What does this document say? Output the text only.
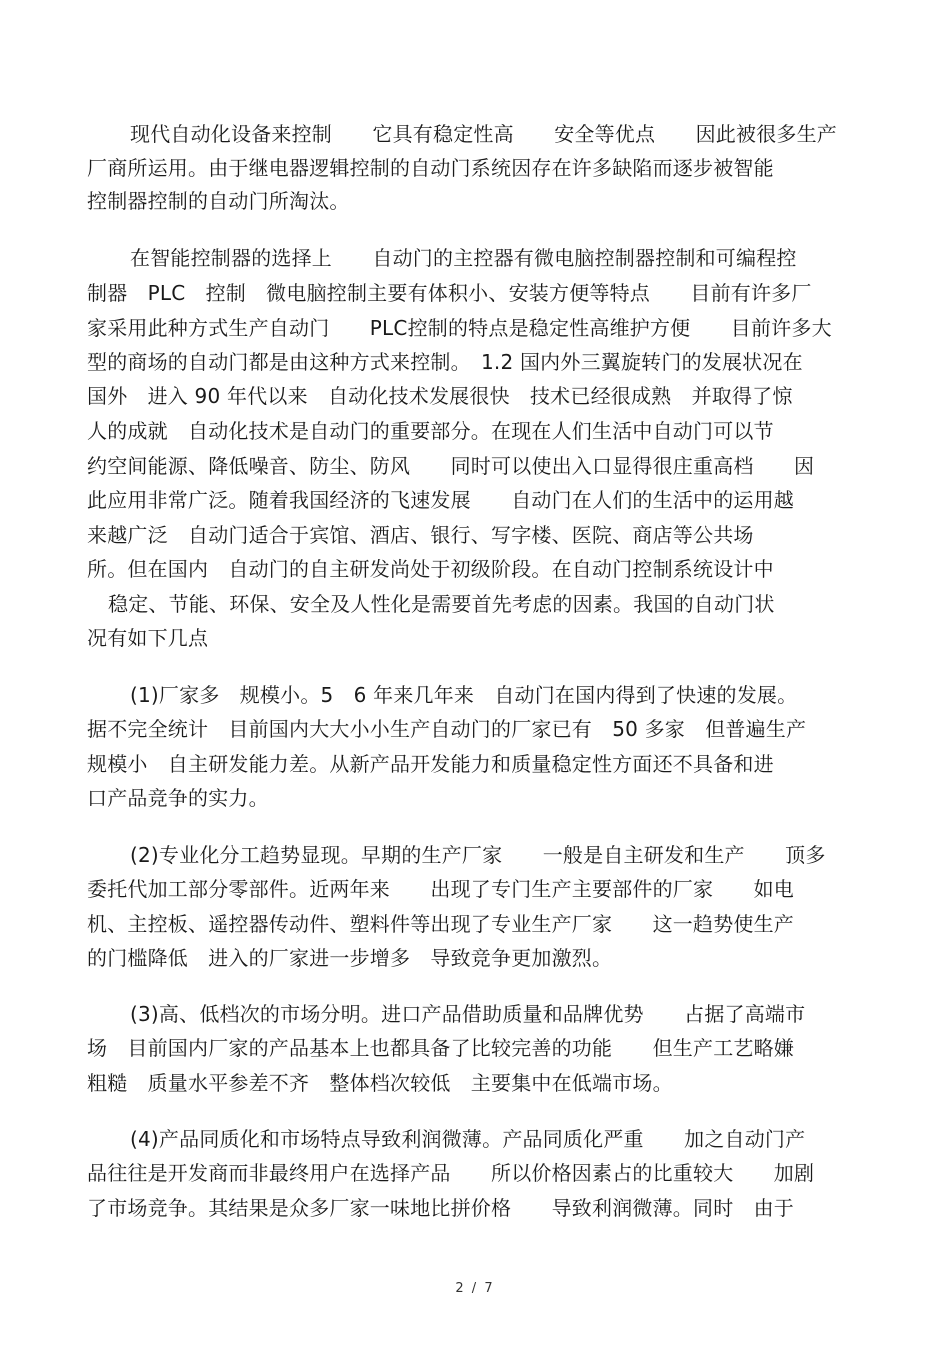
现代自动化设备来控制　　它具有稳定性高　　安全等优点　　因此被很多生产
厂商所运用。由于继电器逻辑控制的自动门系统因存在许多缺陷而逐步被智能
控制器控制的自动门所淘汰。
在智能控制器的选择上　　自动门的主控器有微电脑控制器控制和可编程控
制器　PLC　控制　微电脑控制主要有体积小、安装方便等特点　　目前有许多厂
家采用此种方式生产自动门　　PLC控制的特点是稳定性高维护方便　　目前许多大
型的商场的自动门都是由这种方式来控制。　1.2 国内外三翼旋转门的发展状况在
国外　进入 90 年代以来　自动化技术发展很快　技术已经很成熟　并取得了惊
人的成就　自动化技术是自动门的重要部分。在现在人们生活中自动门可以节
约空间能源、降低噪音、防尘、防风　　同时可以使出入口显得很庄重高档　　因
此应用非常广泛。随着我国经济的飞速发展　　自动门在人们的生活中的运用越
来越广泛　自动门适合于宾馆、酒店、银行、写字楼、医院、商店等公共场
所。但在国内　自动门的自主研发尚处于初级阶段。在自动门控制系统设计中
稳定、节能、环保、安全及人性化是需要首先考虑的因素。我国的自动门状
况有如下几点
(1)厂家多　规模小。5　6 年来几年来　自动门在国内得到了快速的发展。
据不完全统计　目前国内大大小小生产自动门的厂家已有　50 多家　但普遍生产
规模小　自主研发能力差。从新产品开发能力和质量稳定性方面还不具备和进
口产品竞争的实力。
(2)专业化分工趋势显现。早期的生产厂家　　一般是自主研发和生产　　顶多
委托代加工部分零部件。近两年来　　出现了专门生产主要部件的厂家　　如电
机、主控板、遥控器传动件、塑料件等出现了专业生产厂家　　这一趋势使生产
的门槛降低　进入的厂家进一步增多　导致竞争更加激烈。
(3)高、低档次的市场分明。进口产品借助质量和品牌优势　　占据了高端市
场　目前国内厂家的产品基本上也都具备了比较完善的功能　　但生产工艺略嫌
粗糙　质量水平参差不齐　整体档次较低　主要集中在低端市场。
(4)产品同质化和市场特点导致利润微薄。产品同质化严重　　加之自动门产
品往往是开发商而非最终用户在选择产品　　所以价格因素占的比重较大　　加剧
了市场竞争。其结果是众多厂家一味地比拼价格　　导致利润微薄。同时　由于
2 / 7
